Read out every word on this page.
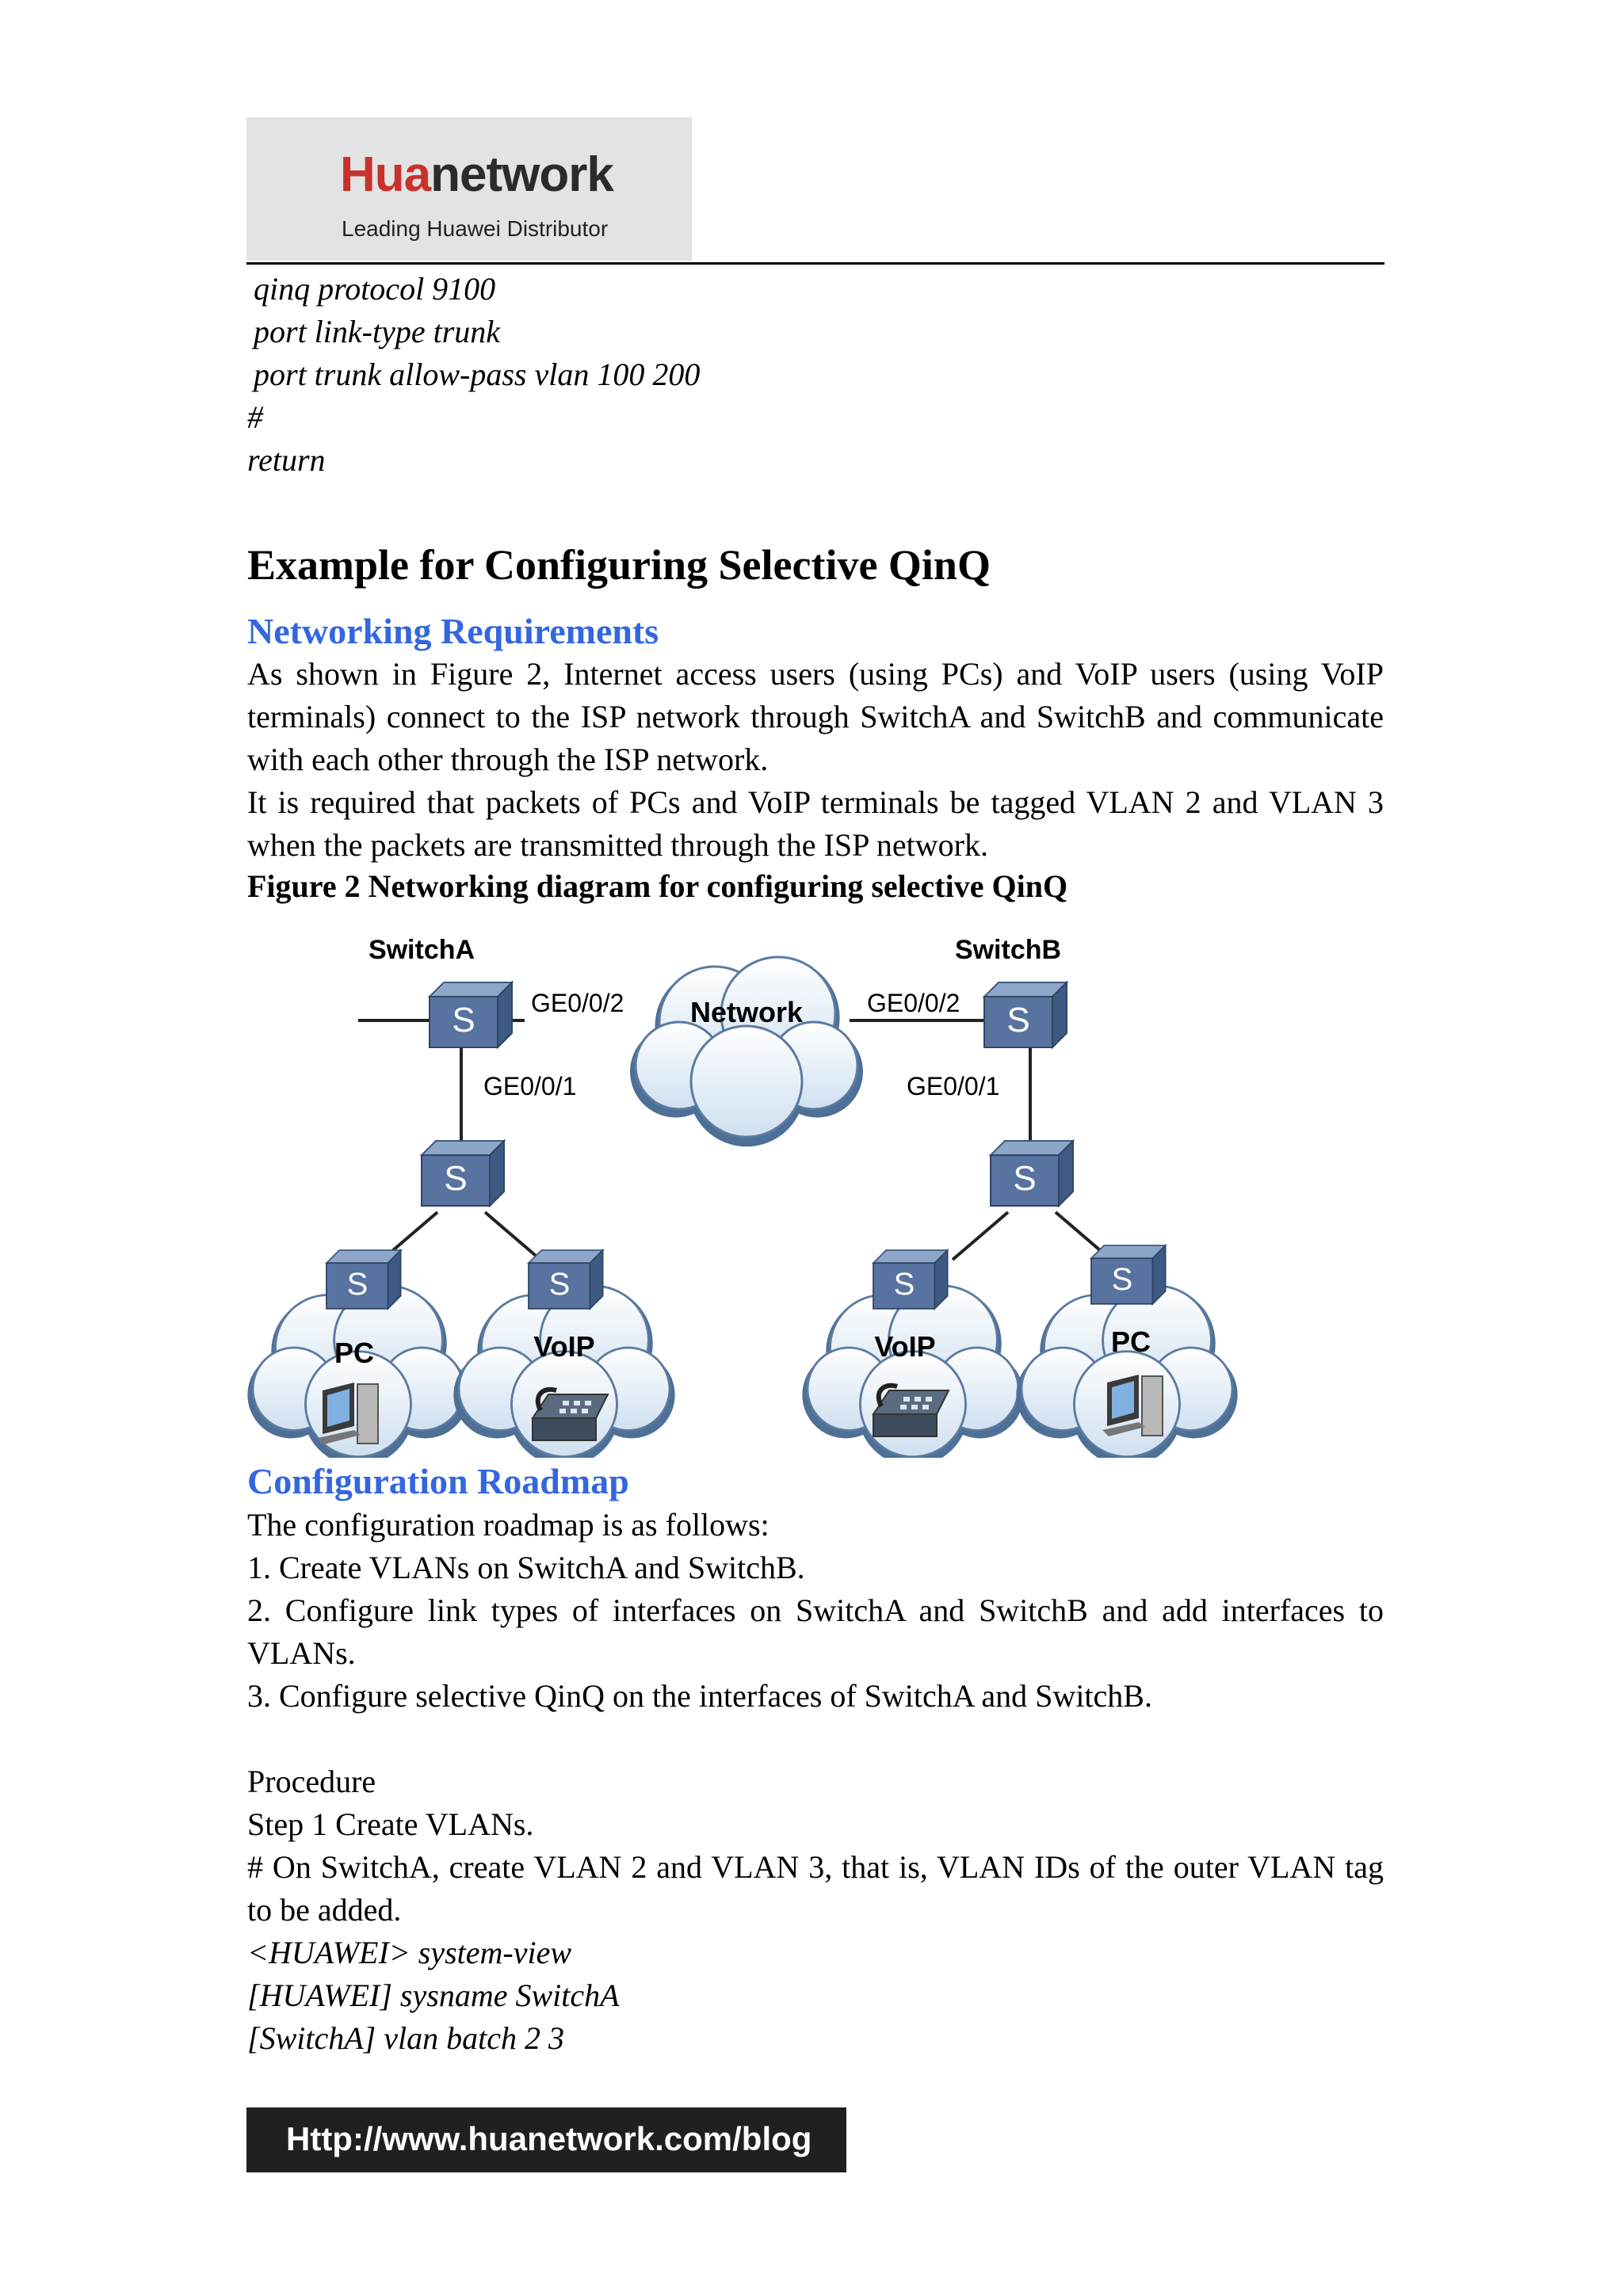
Huanetwork
Leading Huawei Distributor
qinq protocol 9100
port link-type trunk
port trunk allow-pass vlan 100 200
#
return
Example for Configuring Selective QinQ
Networking Requirements
As shown in Figure 2, Internet access users (using PCs) and VoIP users (using VoIP terminals) connect to the ISP network through SwitchA and SwitchB and communicate with each other through the ISP network.
It is required that packets of PCs and VoIP terminals be tagged VLAN 2 and VLAN 3 when the packets are transmitted through the ISP network.
Figure 2 Networking diagram for configuring selective QinQ
Network
SwitchA	SwitchB
GE0/0/2
GE0/0/1
GE0/0/2
GE0/0/1
S	S
S	S
S	S	S	S
PC	VoIP	VoIP	PC
Configuration Roadmap
The configuration roadmap is as follows:
1. Create VLANs on SwitchA and SwitchB.
2. Configure link types of interfaces on SwitchA and SwitchB and add interfaces to VLANs.
3. Configure selective QinQ on the interfaces of SwitchA and SwitchB.
Procedure
Step 1 Create VLANs.
# On SwitchA, create VLAN 2 and VLAN 3, that is, VLAN IDs of the outer VLAN tag to be added.
<HUAWEI> system-view
[HUAWEI] sysname SwitchA
[SwitchA] vlan batch 2 3
Http://www.huanetwork.com/blog
